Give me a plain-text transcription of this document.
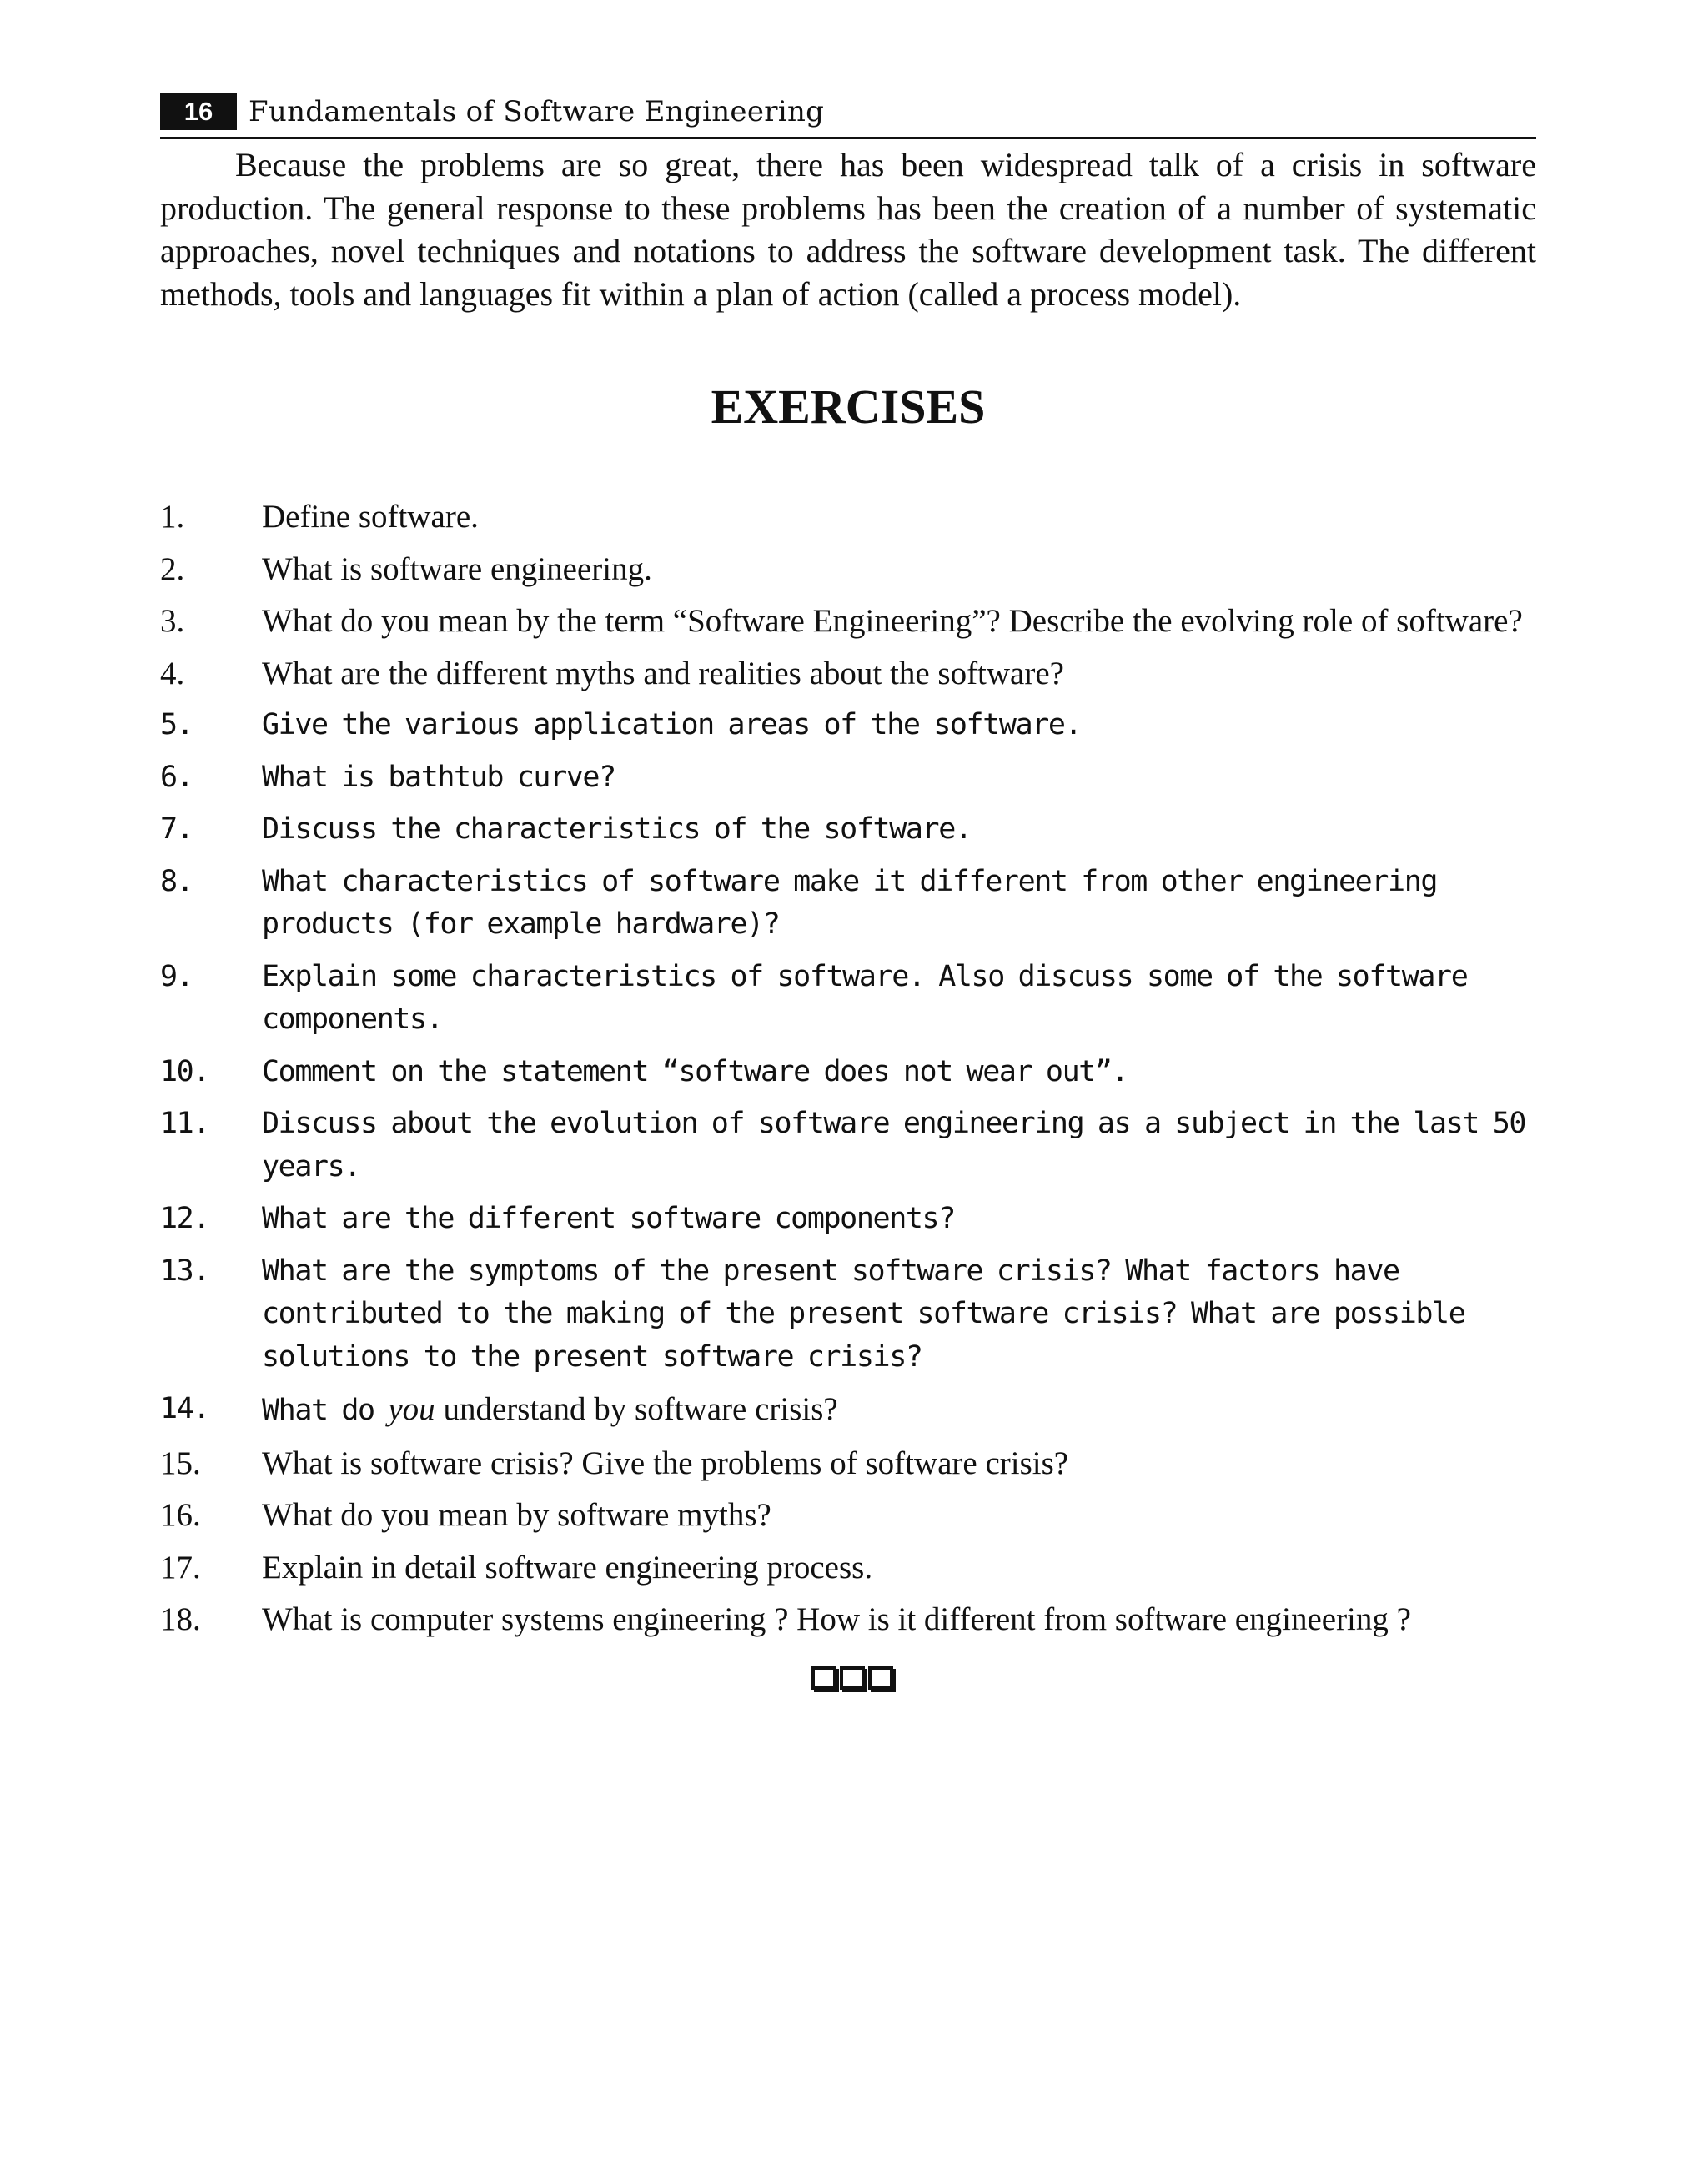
16	Fundamentals of Software Engineering

Because the problems are so great, there has been widespread talk of a crisis in software production. The general response to these problems has been the creation of a number of systematic approaches, novel techniques and notations to address the software development task. The different methods, tools and languages fit within a plan of action (called a process model).

EXERCISES
1.	Define software.
2.	What is software engineering.
3.	What do you mean by the term “Software Engineering”? Describe the evolving role of software?
4.	What are the different myths and realities about the software?
5.	Give the various application areas of the software.
6.	What is bathtub curve?
7.	Discuss the characteristics of the software.
8.	What characteristics of software make it different from other engineering products (for example hardware)?
9.	Explain some characteristics of software. Also discuss some of the software components.
10.	Comment on the statement “software does not wear out”.
11.	Discuss about the evolution of software engineering as a subject in the last 50 years.
12.	What are the different software components?
13.	What are the symptoms of the present software crisis? What factors have contributed to the making of the present software crisis? What are possible solutions to the present software crisis?
14.	What do you understand by software crisis?
15.	What is software crisis? Give the problems of software crisis?
16.	What do you mean by software myths?
17.	Explain in detail software engineering process.
18.	What is computer systems engineering ? How is it different from software engineering ?
